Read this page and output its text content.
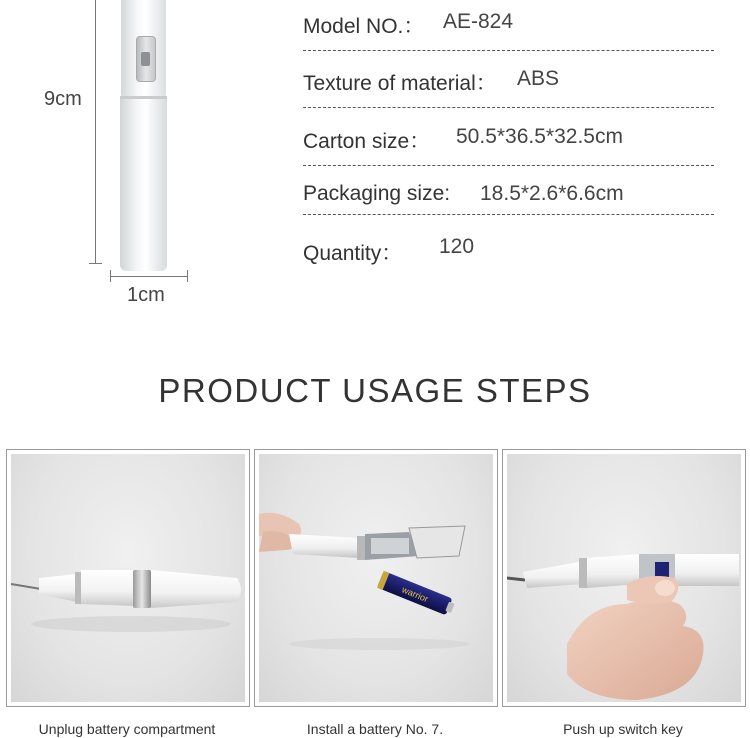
9cm
1cm
Model NO.： AE-824
Texture of material： ABS
Carton size： 50.5*36.5*32.5cm
Packaging size: 18.5*2.6*6.6cm
Quantity： 120
PRODUCT USAGE STEPS
Unplug battery compartment
warrior
Install a battery No. 7.	Push up switch key
